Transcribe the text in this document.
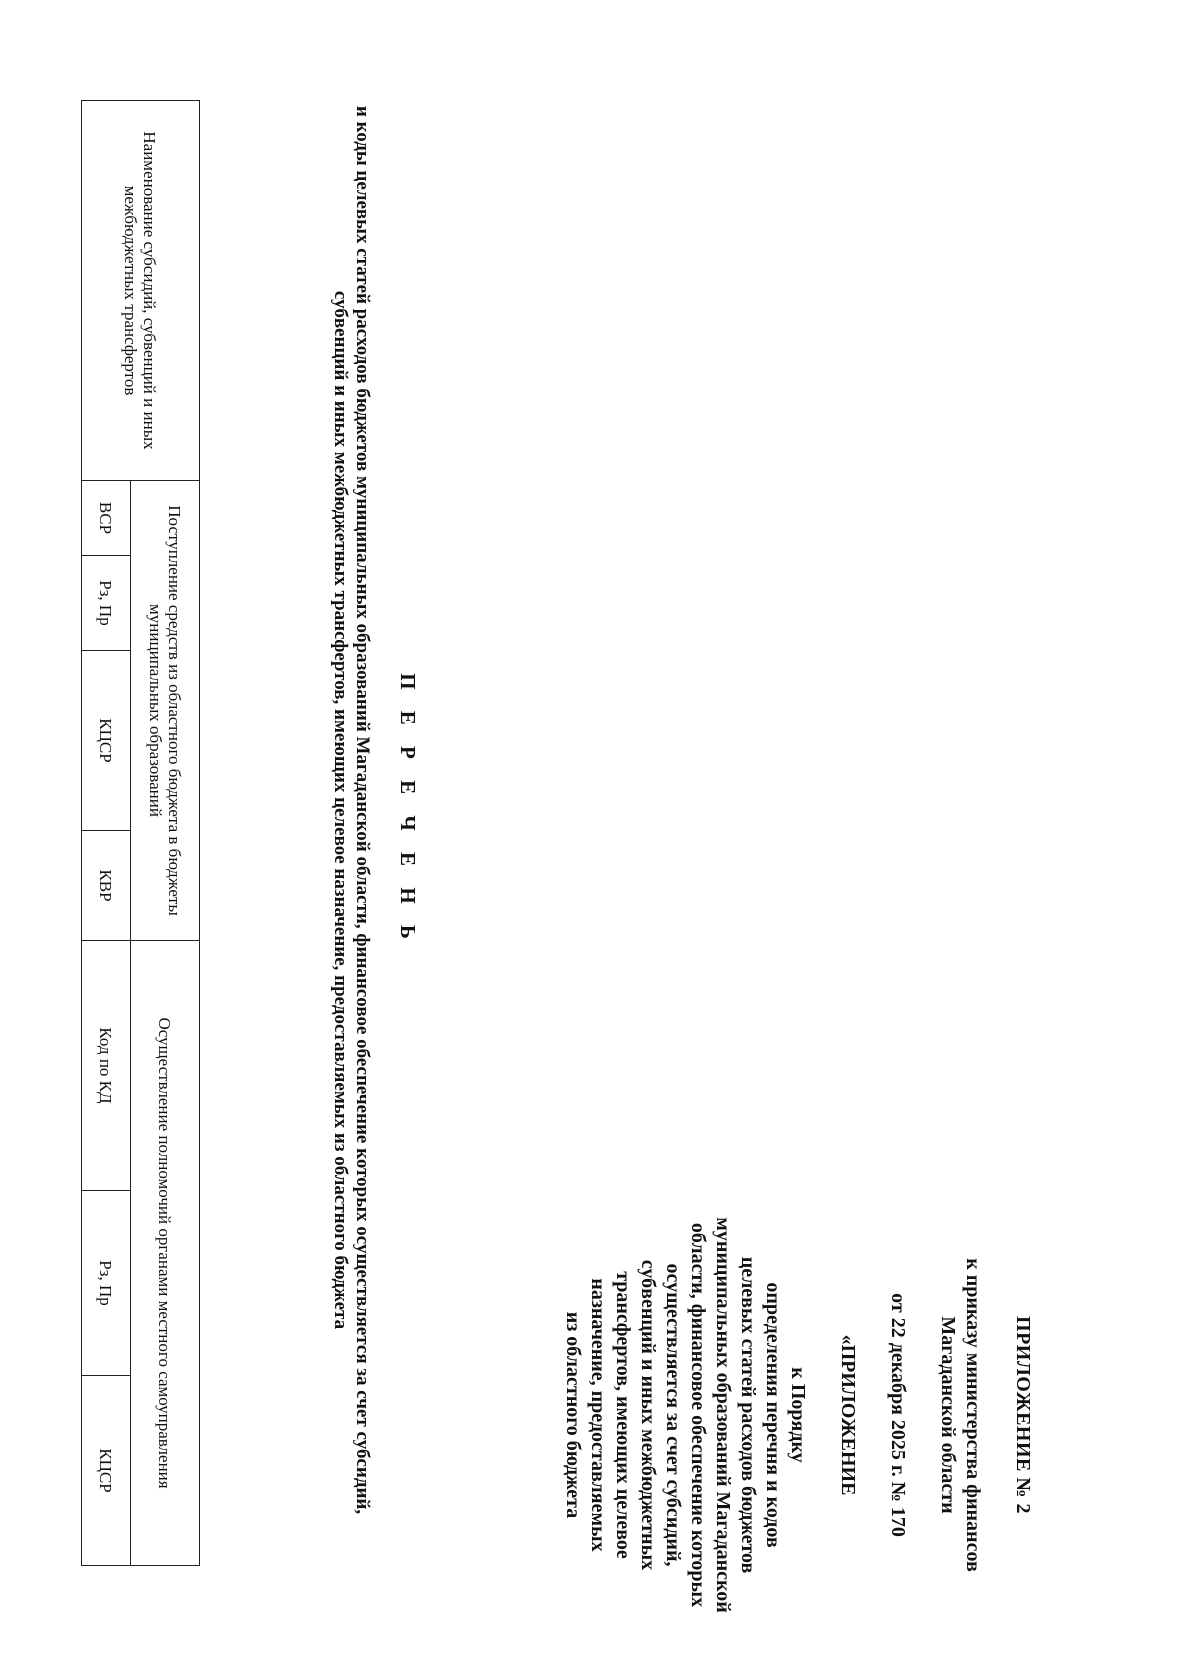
ПРИЛОЖЕНИЕ № 2
к приказу министерства финансов
Магаданской области
от 22 декабря 2025 г. № 170
«ПРИЛОЖЕНИЕ
к Порядку
определения перечня и кодов
целевых статей расходов бюджетов
муниципальных образований Магаданской
области, финансовое обеспечение которых
осуществляется за счет субсидий,
субвенций и иных межбюджетных
трансфертов, имеющих целевое
назначение, предоставляемых
из областного бюджета
П Е Р Е Ч Е Н Ь
и коды целевых статей расходов бюджетов муниципальных образований Магаданской области, финансовое обеспечение которых осуществляется за счет субсидий, субвенций и иных межбюджетных трансфертов, имеющих целевое назначение, предоставляемых из областного бюджета
Наименование субсидий, субвенций и иных межбюджетных трансфертов	Поступление средств из областного бюджета в бюджеты муниципальных образований				Осуществление полномочий органами местного самоуправления		
	ВСР	Рз, Пр	КЦСР	КВР	Код по КД	Рз, Пр	КЦСР
